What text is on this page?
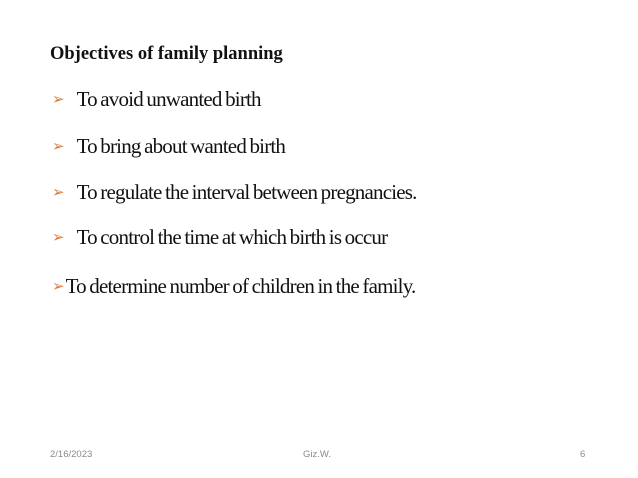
Objectives of family planning
➢ To avoid unwanted birth
➢ To bring about wanted birth
➢ To regulate the interval between pregnancies.
➢ To control the time at which birth is occur
➢To determine number of children in the family.
2/16/2023	Giz.W.	6
